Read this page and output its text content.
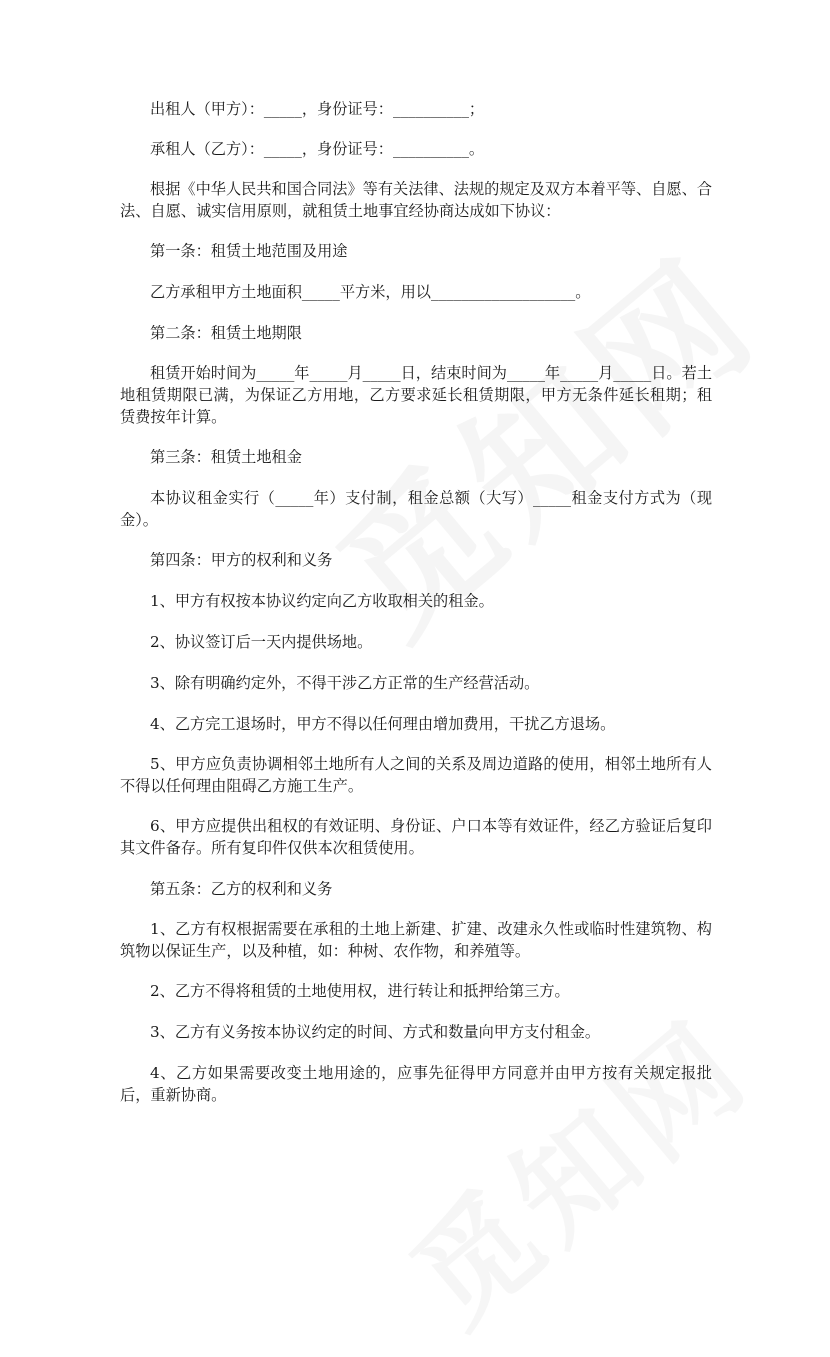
出租人（甲方）：_____，身份证号：__________；

承租人（乙方）：_____，身份证号：__________。

根据《中华人民共和国合同法》等有关法律、法规的规定及双方本着平等、自愿、合法、自愿、诚实信用原则，就租赁土地事宜经协商达成如下协议：

第一条：租赁土地范围及用途

乙方承租甲方土地面积_____平方米，用以___________________。

第二条：租赁土地期限

租赁开始时间为_____年_____月_____日，结束时间为_____年_____月_____日。若土地租赁期限已满，为保证乙方用地，乙方要求延长租赁期限，甲方无条件延长租期；租赁费按年计算。

第三条：租赁土地租金

本协议租金实行（_____年）支付制，租金总额（大写）_____租金支付方式为（现金）。

第四条：甲方的权利和义务

1、甲方有权按本协议约定向乙方收取相关的租金。

2、协议签订后一天内提供场地。

3、除有明确约定外，不得干涉乙方正常的生产经营活动。

4、乙方完工退场时，甲方不得以任何理由增加费用，干扰乙方退场。

5、甲方应负责协调相邻土地所有人之间的关系及周边道路的使用，相邻土地所有人不得以任何理由阻碍乙方施工生产。

6、甲方应提供出租权的有效证明、身份证、户口本等有效证件，经乙方验证后复印其文件备存。所有复印件仅供本次租赁使用。

第五条：乙方的权利和义务

1、乙方有权根据需要在承租的土地上新建、扩建、改建永久性或临时性建筑物、构筑物以保证生产，以及种植，如：种树、农作物，和养殖等。

2、乙方不得将租赁的土地使用权，进行转让和抵押给第三方。

3、乙方有义务按本协议约定的时间、方式和数量向甲方支付租金。

4、乙方如果需要改变土地用途的，应事先征得甲方同意并由甲方按有关规定报批后，重新协商。
